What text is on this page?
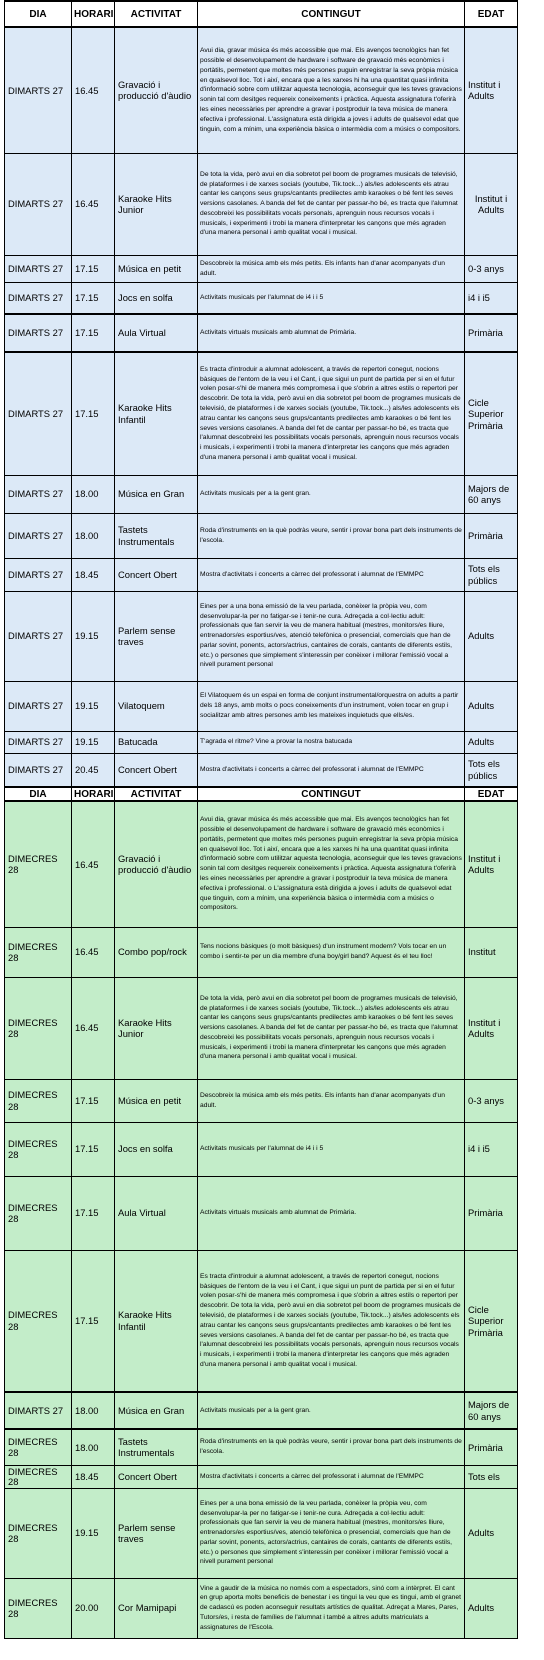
DIA	HORARI	ACTIVITAT	CONTINGUT	EDAT
DIMARTS 27	16.45	Gravació i producció d'àudio	Avui dia, gravar música és més accessible que mai. Els avenços tecnològics han fet possible el desenvolupament de hardware i software de gravació més econòmics i portàtils, permetent que moltes més persones puguin enregistrar la seva pròpia música en qualsevol lloc. Tot i així, encara que a les xarxes hi ha una quantitat quasi infinita d'informació sobre com utilitzar aquesta tecnologia, aconseguir que les teves gravacions sonin tal com desitges requereix coneixements i pràctica. Aquesta assignatura t'oferirà les eines necessàries per aprendre a gravar i postproduir la teva música de manera efectiva i professional. L'assignatura està dirigida a joves i adults de qualsevol edat que tinguin, com a mínim, una experiència bàsica o intermèdia com a músics o compositors.	Institut i Adults
DIMARTS 27	16.45	Karaoke Hits Junior	De tota la vida, però avui en dia sobretot pel boom de programes musicals de televisió, de plataformes i de xarxes socials (youtube, Tik.tock...) als/les adolescents els atrau cantar les cançons seus grups/cantants predilectes amb karaokes o bé fent les seves versions casolanes. A banda del fet de cantar per passar-ho bé, es tracta que l'alumnat descobreixi les possibilitats vocals personals, aprenguin nous recursos vocals i musicals, i experimenti i trobi la manera d'interpretar les cançons que més agraden d'una manera personal i amb qualitat vocal i musical.	Institut i Adults
DIMARTS 27	17.15	Música en petit	Descobreix la música amb els més petits. Els infants han d'anar acompanyats d'un adult.	0-3 anys
DIMARTS 27	17.15	Jocs en solfa	Activitats musicals per l'alumnat de i4 i i 5	i4 i i5
DIMARTS 27	17.15	Aula Virtual	Activitats virtuals musicals amb alumnat de Primària.	Primària
DIMARTS 27	17.15	Karaoke Hits Infantil	Es tracta d'introduir a alumnat adolescent, a través de repertori conegut, nocions bàsiques de l'entorn de la veu i el Cant, i que sigui un punt de partida per si en el futur volen posar-s'hi de manera més compromesa i que s'obrin a altres estils o repertori per descobrir. De tota la vida, però avui en dia sobretot pel boom de programes musicals de televisió, de plataformes i de xarxes socials (youtube, Tik.tock...) als/les adolescents els atrau cantar les cançons seus grups/cantants predilectes amb karaokes o bé fent les seves versions casolanes. A banda del fet de cantar per passar-ho bé, es tracta que l'alumnat descobreixi les possibilitats vocals personals, aprenguin nous recursos vocals i musicals, i experimenti i trobi la manera d'interpretar les cançons que més agraden d'una manera personal i amb qualitat vocal i musical.	Cicle Superior Primària
DIMARTS 27	18.00	Música en Gran	Activitats musicals per a la gent gran.	Majors de 60 anys
DIMARTS 27	18.00	Tastets Instrumentals	Roda d'instruments en la què podràs veure, sentir i provar bona part dels instruments de l'escola.	Primària
DIMARTS 27	18.45	Concert Obert	Mostra d'activitats i concerts a càrrec del professorat i alumnat de l'EMMPC	Tots els públics
DIMARTS 27	19.15	Parlem sense traves	Eines per a una bona emissió de la veu parlada, conèixer la pròpia veu, com desenvolupar-la per no fatigar-se i tenir-ne cura. Adreçada a col·lectiu adult: professionals que fan servir la veu de manera habitual (mestres, monitors/es lliure, entrenadors/es esportius/ves, atenció telefònica o presencial, comercials que han de parlar sovint, ponents, actors/actrius, cantaires de corals, cantants de diferents estils, etc.) o persones que simplement s'interessin per conèixer i millorar l'emissió vocal a nivell purament personal	Adults
DIMARTS 27	19.15	Vilatoquem	El Vilatoquem és un espai en forma de conjunt instrumental/orquestra on adults a partir dels 18 anys, amb molts o pocs coneixements d'un instrument, volen tocar en grup i socialitzar amb altres persones amb les mateixes inquietuds que ells/es.	Adults
DIMARTS 27	19.15	Batucada	T'agrada el ritme? Vine a provar la nostra batucada	Adults
DIMARTS 27	20.45	Concert Obert	Mostra d'activitats i concerts a càrrec del professorat i alumnat de l'EMMPC	Tots els públics
DIA	HORARI	ACTIVITAT	CONTINGUT	EDAT
DIMECRES 28	16.45	Gravació i producció d'àudio	Avui dia, gravar música és més accessible que mai. Els avenços tecnològics han fet possible el desenvolupament de hardware i software de gravació més econòmics i portàtils, permetent que moltes més persones puguin enregistrar la seva pròpia música en qualsevol lloc. Tot i així, encara que a les xarxes hi ha una quantitat quasi infinita d'informació sobre com utilitzar aquesta tecnologia, aconseguir que les teves gravacions sonin tal com desitges requereix coneixements i pràctica. Aquesta assignatura t'oferirà les eines necessàries per aprendre a gravar i postproduir la teva música de manera efectiva i professional. o L'assignatura està dirigida a joves i adults de qualsevol edat que tinguin, com a mínim, una experiència bàsica o intermèdia com a músics o compositors.	Institut i Adults
DIMECRES 28	16.45	Combo pop/rock	Tens nocions bàsiques (o molt bàsiques) d'un instrument modern? Vols tocar en un combo i sentir-te per un dia membre d'una boy/girl band? Aquest és el teu lloc!	Institut
DIMECRES 28	16.45	Karaoke Hits Junior	De tota la vida, però avui en dia sobretot pel boom de programes musicals de televisió, de plataformes i de xarxes socials (youtube, Tik.tock...) als/les adolescents els atrau cantar les cançons seus grups/cantants predilectes amb karaokes o bé fent les seves versions casolanes. A banda del fet de cantar per passar-ho bé, es tracta que l'alumnat descobreixi les possibilitats vocals personals, aprenguin nous recursos vocals i musicals, i experimenti i trobi la manera d'interpretar les cançons que més agraden d'una manera personal i amb qualitat vocal i musical.	Institut i Adults
DIMECRES 28	17.15	Música en petit	Descobreix la música amb els més petits. Els infants han d'anar acompanyats d'un adult.	0-3 anys
DIMECRES 28	17.15	Jocs en solfa	Activitats musicals per l'alumnat de i4 i i 5	i4 i i5
DIMECRES 28	17.15	Aula Virtual	Activitats virtuals musicals amb alumnat de Primària.	Primària
DIMECRES 28	17.15	Karaoke Hits Infantil	Es tracta d'introduir a alumnat adolescent, a través de repertori conegut, nocions bàsiques de l'entorn de la veu i el Cant, i que sigui un punt de partida per si en el futur volen posar-s'hi de manera més compromesa i que s'obrin a altres estils o repertori per descobrir. De tota la vida, però avui en dia sobretot pel boom de programes musicals de televisió, de plataformes i de xarxes socials (youtube, Tik.tock...) als/les adolescents els atrau cantar les cançons seus grups/cantants predilectes amb karaokes o bé fent les seves versions casolanes. A banda del fet de cantar per passar-ho bé, es tracta que l'alumnat descobreixi les possibilitats vocals personals, aprenguin nous recursos vocals i musicals, i experimenti i trobi la manera d'interpretar les cançons que més agraden d'una manera personal i amb qualitat vocal i musical.	Cicle Superior Primària
DIMARTS 27	18.00	Música en Gran	Activitats musicals per a la gent gran.	Majors de 60 anys
DIMECRES 28	18.00	Tastets Instrumentals	Roda d'instruments en la què podràs veure, sentir i provar bona part dels instruments de l'escola.	Primària
DIMECRES 28	18.45	Concert Obert	Mostra d'activitats i concerts a càrrec del professorat i alumnat de l'EMMPC	Tots els
DIMECRES 28	19.15	Parlem sense traves	Eines per a una bona emissió de la veu parlada, conèixer la pròpia veu, com desenvolupar-la per no fatigar-se i tenir-ne cura. Adreçada a col·lectiu adult: professionals que fan servir la veu de manera habitual (mestres, monitors/es lliure, entrenadors/es esportius/ves, atenció telefònica o presencial, comercials que han de parlar sovint, ponents, actors/actrius, cantaires de corals, cantants de diferents estils, etc.) o persones que simplement s'interessin per conèixer i millorar l'emissió vocal a nivell purament personal	Adults
DIMECRES 28	20.00	Cor Mamipapi	Vine a gaudir de la música no només com a espectadors, sinó com a intèrpret. El cant en grup aporta molts beneficis de benestar i es tingui la veu que es tingui, amb el granet de cadascú es poden aconseguir resultats artístics de qualitat. Adreçat a Mares, Pares, Tutors/es, i resta de famílies de l'alumnat i també a altres adults matriculats a assignatures de l'Escola.	Adults
